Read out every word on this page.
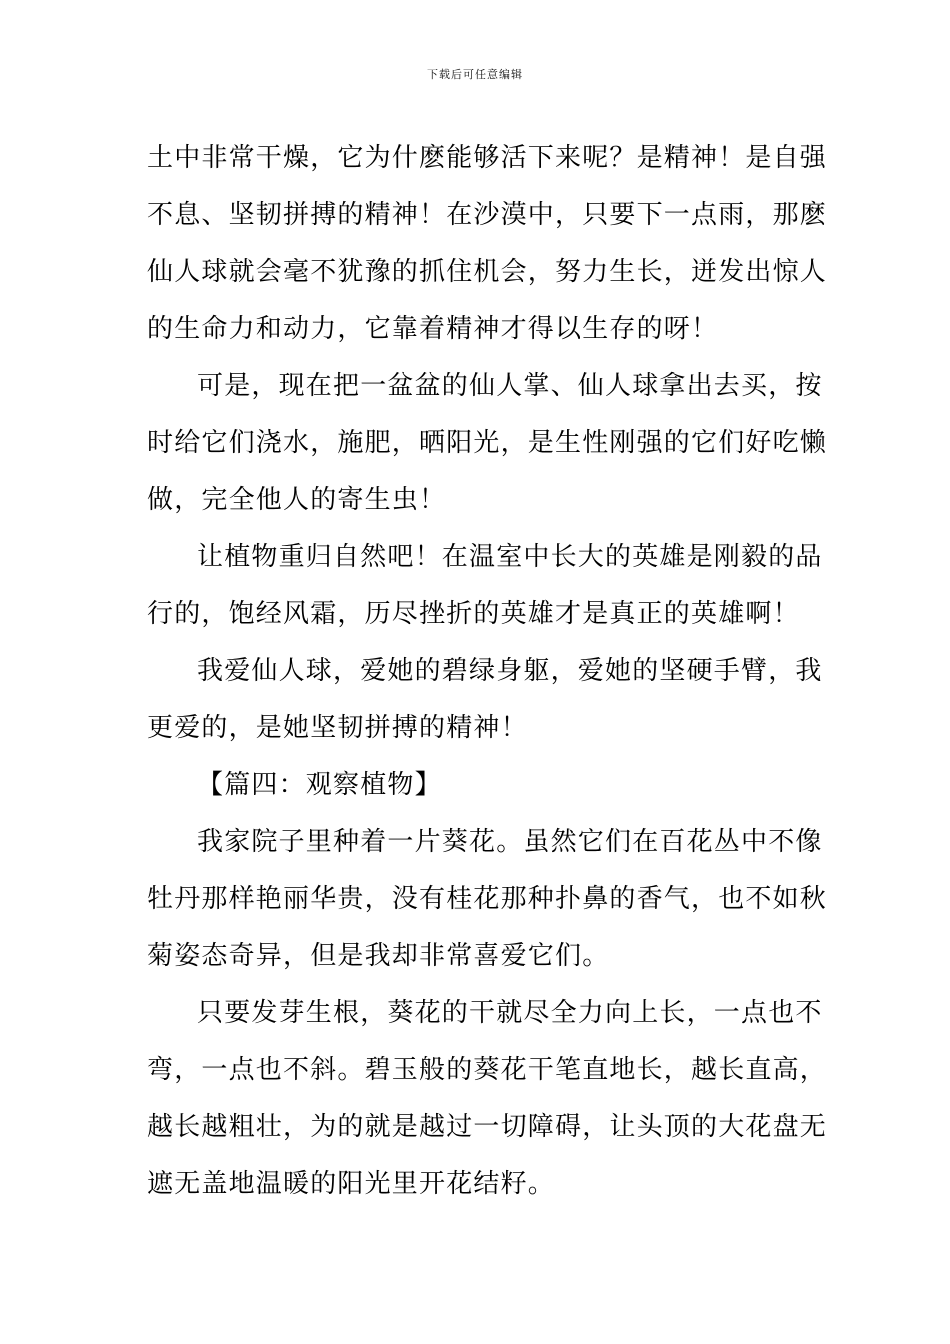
下载后可任意编辑

土中非常干燥，它为什麽能够活下来呢？是精神！是自强
不息、坚韧拼搏的精神！在沙漠中，只要下一点雨，那麽
仙人球就会毫不犹豫的抓住机会，努力生长，迸发出惊人
的生命力和动力，它靠着精神才得以生存的呀！

可是，现在把一盆盆的仙人掌、仙人球拿出去买，按
时给它们浇水，施肥，晒阳光，是生性刚强的它们好吃懒
做，完全他人的寄生虫！

让植物重归自然吧！在温室中长大的英雄是刚毅的品
行的，饱经风霜，历尽挫折的英雄才是真正的英雄啊！

我爱仙人球，爱她的碧绿身躯，爱她的坚硬手臂，我
更爱的，是她坚韧拼搏的精神！

【篇四：观察植物】

我家院子里种着一片葵花。虽然它们在百花丛中不像
牡丹那样艳丽华贵，没有桂花那种扑鼻的香气，也不如秋
菊姿态奇异，但是我却非常喜爱它们。

只要发芽生根，葵花的干就尽全力向上长，一点也不
弯，一点也不斜。碧玉般的葵花干笔直地长，越长直高，
越长越粗壮，为的就是越过一切障碍，让头顶的大花盘无
遮无盖地温暖的阳光里开花结籽。
